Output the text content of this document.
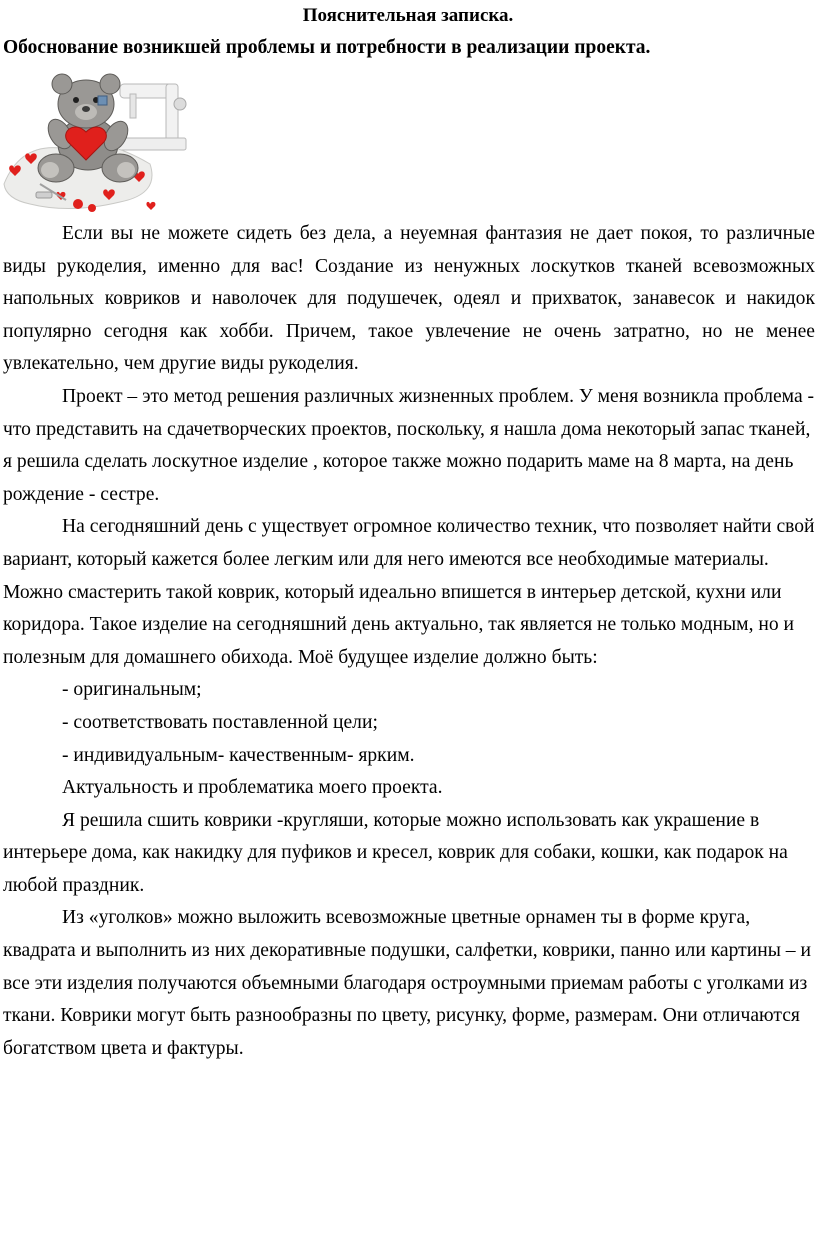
Пояснительная записка.
Обоснование возникшей проблемы и потребности в реализации проекта.

Если вы не можете сидеть без дела, а неуемная фантазия не дает покоя, то различные виды рукоделия, именно для вас! Создание из ненужных лоскутков тканей всевозможных напольных ковриков и наволочек для подушечек, одеял и прихваток, занавесок и накидок популярно сегодня как хобби. Причем, такое увлечение не очень затратно, но не менее увлекательно, чем другие виды рукоделия.

Проект – это метод решения различных жизненных проблем. У меня возникла проблема - что представить на сдачетворческих проектов, поскольку, я нашла дома некоторый запас тканей, я решила сделать лоскутное изделие , которое также можно подарить маме на 8 марта, на день рождение - сестре.

На сегодняшний день с уществует огромное количество техник, что позволяет найти свой вариант, который кажется более легким или для него имеются все необходимые материалы. Можно смастерить такой коврик, который идеально впишется в интерьер детской, кухни или коридора. Такое изделие на сегодняшний день актуально, так является не только модным, но и полезным для домашнего обихода. Моё будущее изделие должно быть:

- оригинальным;

- соответствовать поставленной цели;

- индивидуальным- качественным- ярким.

Актуальность и проблематика моего проекта.

Я решила сшить коврики -кругляши, которые можно использовать как украшение в интерьере дома, как накидку для пуфиков и кресел, коврик для собаки, кошки, как подарок на любой праздник.

Из «уголков» можно выложить всевозможные цветные орнамен ты в форме круга, квадрата и выполнить из них декоративные подушки, салфетки, коврики, панно или картины – и все эти изделия получаются объемными благодаря остроумными приемам работы с уголками из ткани. Коврики могут быть разнообразны по цвету, рисунку, форме, размерам. Они отличаются богатством цвета и фактуры.
